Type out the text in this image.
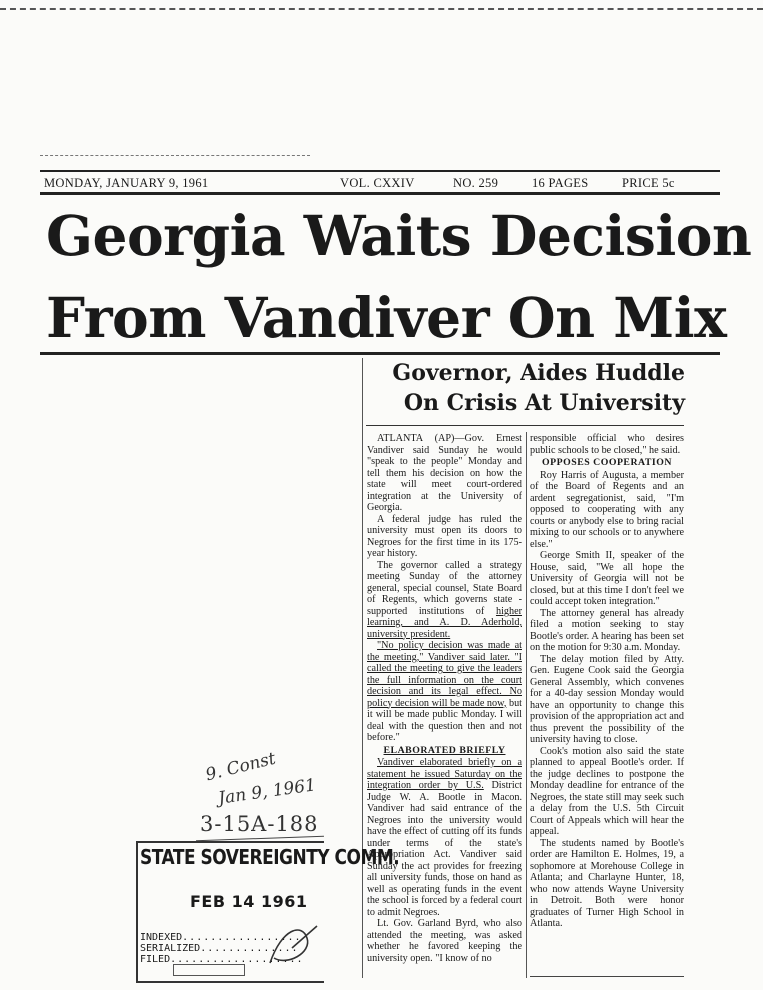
MONDAY, JANUARY 9, 1961	VOL. CXXIV	NO. 259	16 PAGES	PRICE 5c
Georgia Waits Decision
From Vandiver On Mix
Governor, Aides Huddle
On Crisis At University

ATLANTA (AP)—Gov. Ernest Vandiver said Sunday he would "speak to the people" Monday and tell them his decision on how the state will meet court-ordered integration at the University of Georgia.

A federal judge has ruled the university must open its doors to Negroes for the first time in its 175-year history.

The governor called a strategy meeting Sunday of the attorney general, special counsel, State Board of Regents, which governs state - supported institutions of higher learning, and A. D. Aderhold, university president.

"No policy decision was made at the meeting," Vandiver said later. "I called the meeting to give the leaders the full information on the court decision and its legal effect. No policy decision will be made now, but it will be made public Monday. I will deal with the question then and not before."

ELABORATED BRIEFLY

Vandiver elaborated briefly on a statement he issued Saturday on the integration order by U.S. District Judge W. A. Bootle in Macon. Vandiver had said entrance of the Negroes into the university would have the effect of cutting off its funds under terms of the state's Appropriation Act. Vandiver said Sunday the act provides for freezing all university funds, those on hand as well as operating funds in the event the school is forced by a federal court to admit Negroes.

Lt. Gov. Garland Byrd, who also attended the meeting, was asked whether he favored keeping the university open. "I know of no

responsible official who desires public schools to be closed," he said.

OPPOSES COOPERATION

Roy Harris of Augusta, a member of the Board of Regents and an ardent segregationist, said, "I'm opposed to cooperating with any courts or anybody else to bring racial mixing to our schools or to anywhere else."

George Smith II, speaker of the House, said, "We all hope the University of Georgia will not be closed, but at this time I don't feel we could accept token integration."

The attorney general has already filed a motion seeking to stay Bootle's order. A hearing has been set on the motion for 9:30 a.m. Monday.

The delay motion filed by Atty. Gen. Eugene Cook said the Georgia General Assembly, which convenes for a 40-day session Monday would have an opportunity to change this provision of the appropriation act and thus prevent the possibility of the university having to close.

Cook's motion also said the state planned to appeal Bootle's order. If the judge declines to postpone the Monday deadline for entrance of the Negroes, the state still may seek such a delay from the U.S. 5th Circuit Court of Appeals which will hear the appeal.

The students named by Bootle's order are Hamilton E. Holmes, 19, a sophomore at Morehouse College in Atlanta; and Charlayne Hunter, 18, who now attends Wayne University in Detroit. Both were honor graduates of Turner High School in Atlanta.

9. Const
Jan 9, 1961
3-15A-188
STATE SOVEREIGNTY COMM.
FEB 14 1961
INDEXED.................
SERIALIZED..............
FILED...................
